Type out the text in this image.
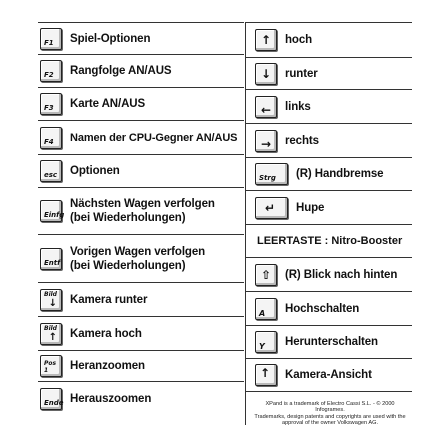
F1 Spiel-Optionen
F2 Rangfolge AN/AUS
F3 Karte AN/AUS
F4 Namen der CPU-Gegner AN/AUS
esc Optionen
Einfg
Nächsten Wagen verfolgen
(bei Wiederholungen)
Entf
Vorigen Wagen verfolgen
(bei Wiederholungen)
Bild
↓ Kamera runter
Bild
↑ Kamera hoch
Pos 1	Heranzoomen
Ende Herauszoomen
↑ hoch
↓ runter
← links
→ rechts
Strg (R) Handbremse
↵ Hupe
LEERTASTE : Nitro-Booster
⇧ (R) Blick nach hinten
A Hochschalten
Y Herunterschalten
↑ Kamera-Ansicht
XPand is a trademark of Electro Cassi S.L. - © 2000 Infogrames.
Trademarks, design patents and copyrights are used with the
approval of the owner Volkswagen AG.
